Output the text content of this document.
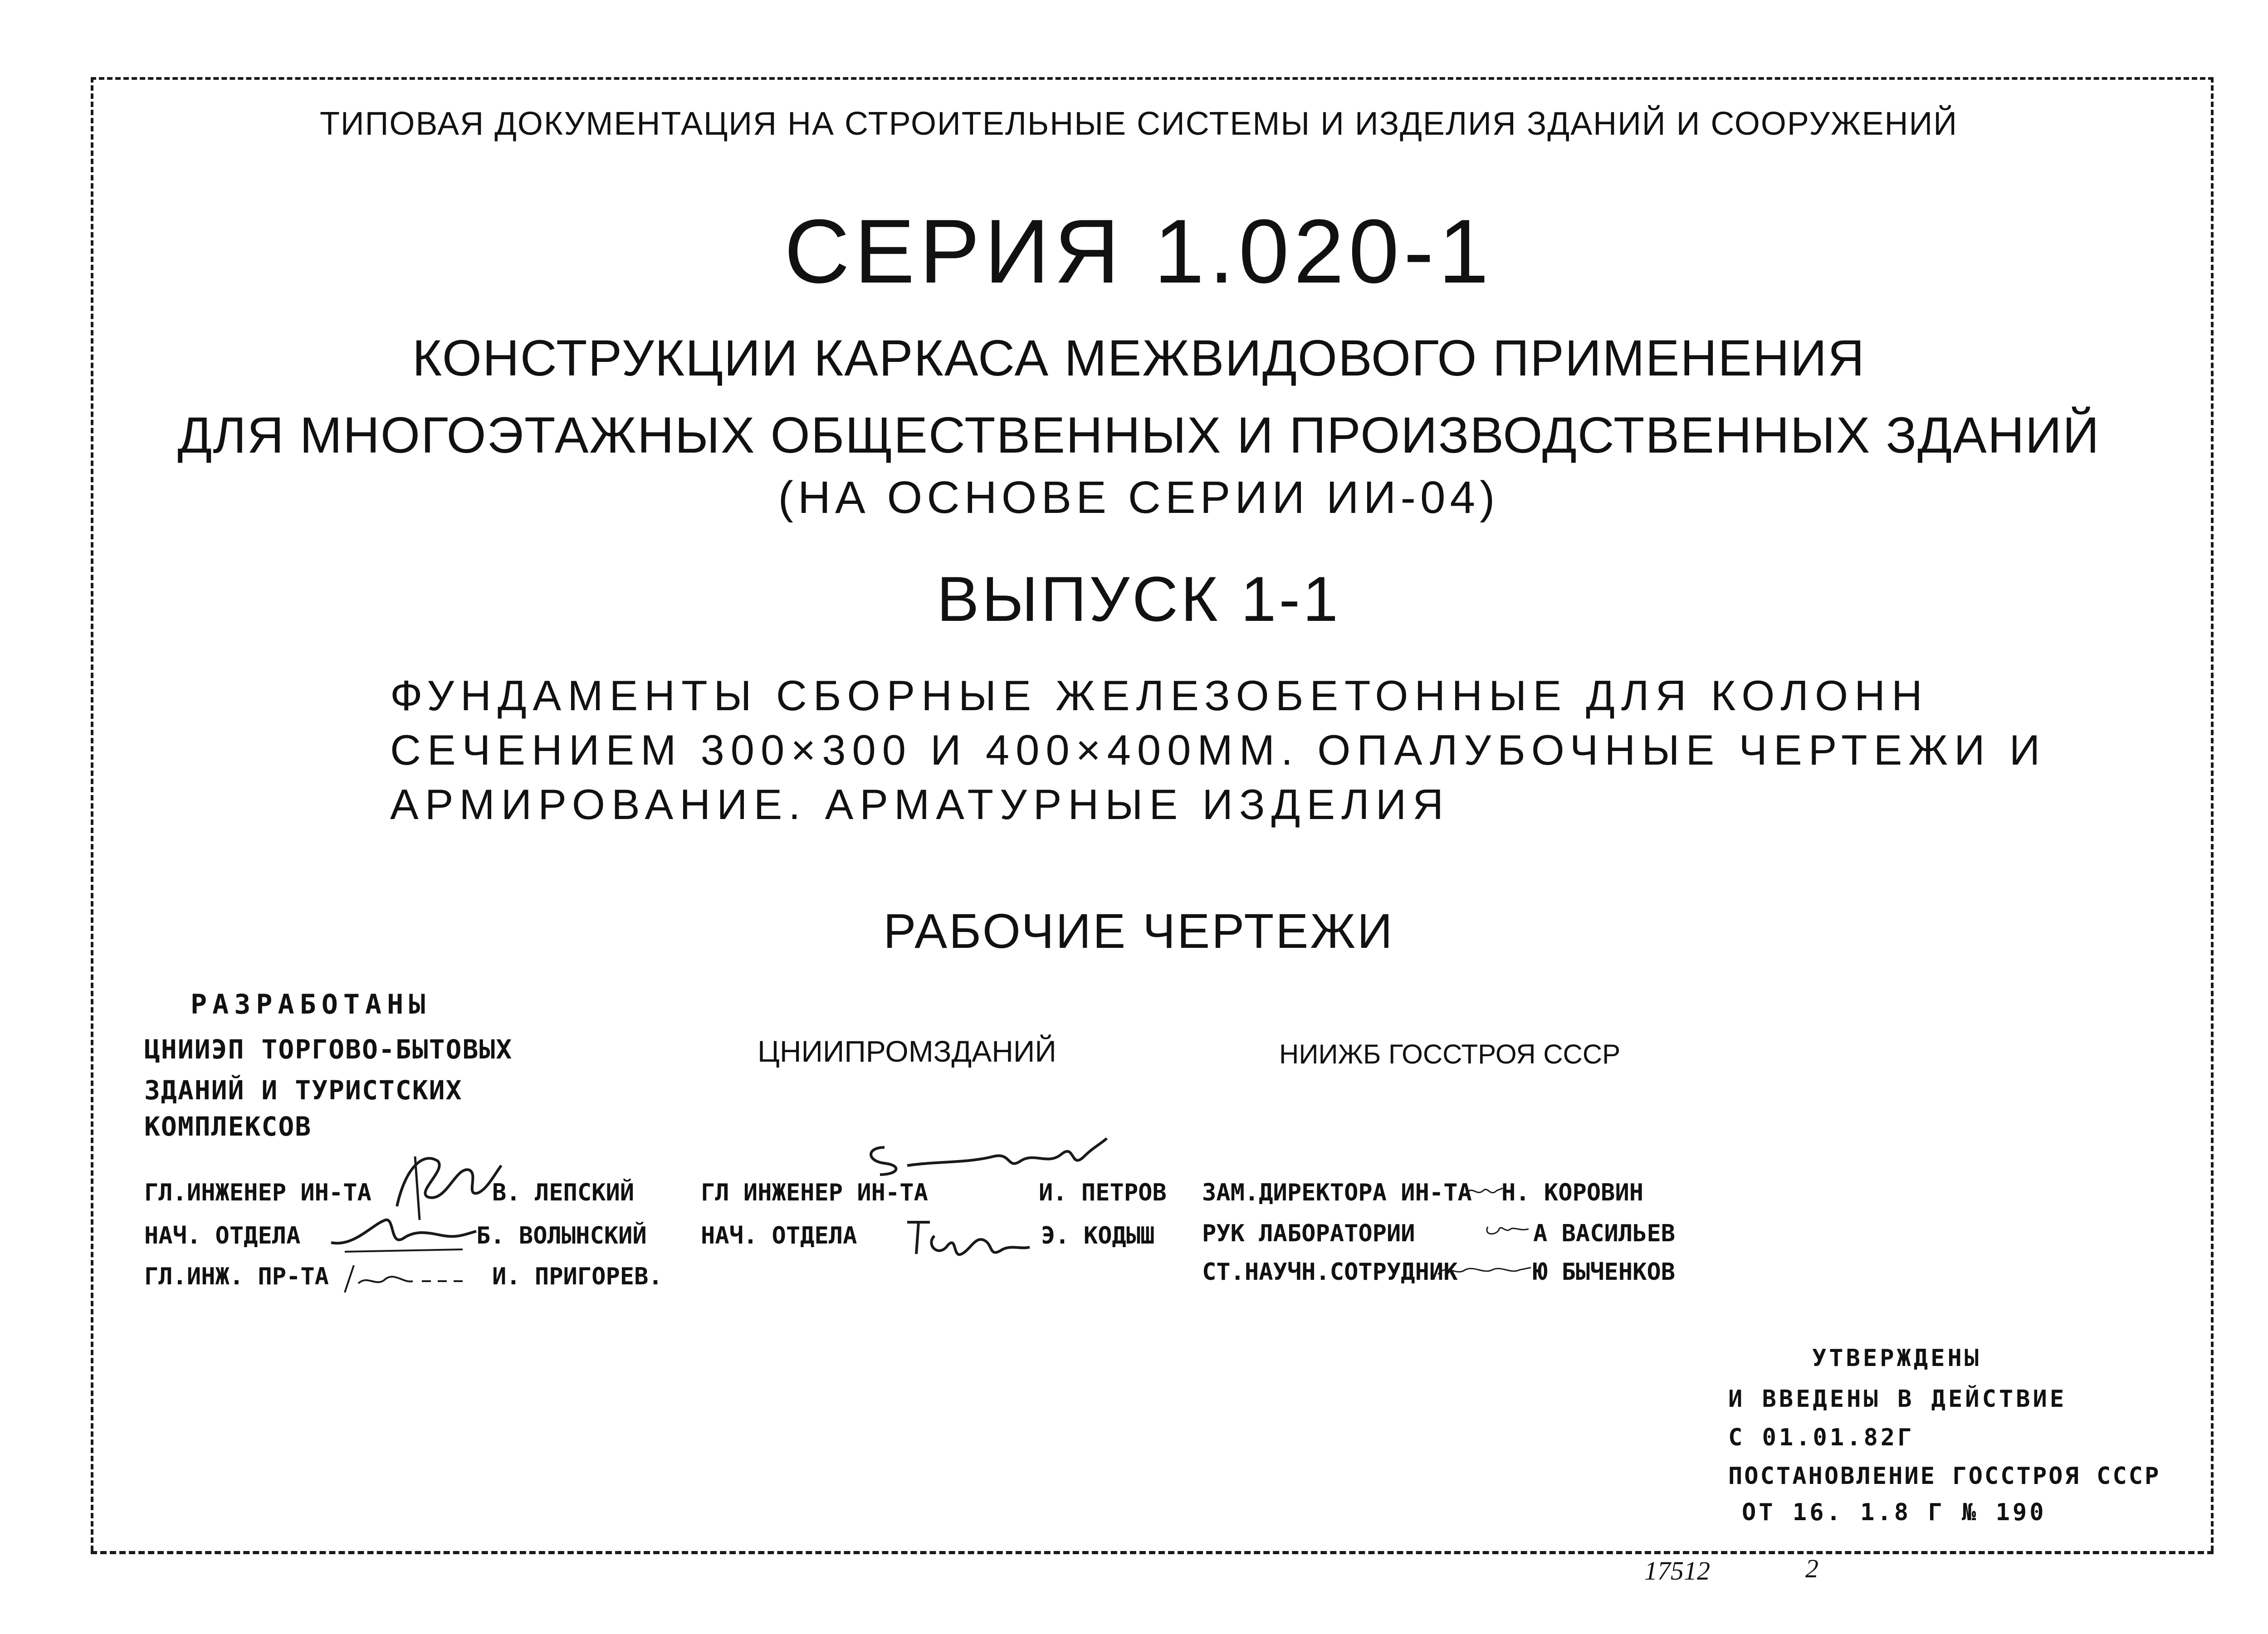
ТИПОВАЯ ДОКУМЕНТАЦИЯ НА СТРОИТЕЛЬНЫЕ СИСТЕМЫ И ИЗДЕЛИЯ ЗДАНИЙ И СООРУЖЕНИЙ
СЕРИЯ 1.020-1
КОНСТРУКЦИИ КАРКАСА МЕЖВИДОВОГО ПРИМЕНЕНИЯ
ДЛЯ МНОГОЭТАЖНЫХ ОБЩЕСТВЕННЫХ И ПРОИЗВОДСТВЕННЫХ ЗДАНИЙ
(НА ОСНОВЕ СЕРИИ ИИ-04)
ВЫПУСК 1-1
ФУНДАМЕНТЫ СБОРНЫЕ ЖЕЛЕЗОБЕТОННЫЕ ДЛЯ КОЛОНН
СЕЧЕНИЕМ 300×300 И 400×400ММ. ОПАЛУБОЧНЫЕ ЧЕРТЕЖИ И
АРМИРОВАНИЕ. АРМАТУРНЫЕ ИЗДЕЛИЯ
РАБОЧИЕ ЧЕРТЕЖИ
РАЗРАБОТАНЫ
ЦНИИЭП ТОРГОВО-БЫТОВЫХ
ЗДАНИЙ И ТУРИСТСКИХ
КОМПЛЕКСОВ
ЦНИИПРОМЗДАНИЙ	НИИЖБ ГОССТРОЯ СССР
ГЛ.ИНЖЕНЕР ИН-ТА	В. ЛЕПСКИЙ
НАЧ. ОТДЕЛА	Б. ВОЛЫНСКИЙ
ГЛ.ИНЖ. ПР-ТА	И. ПРИГОРЕВ.
ГЛ ИНЖЕНЕР ИН-ТА	И. ПЕТРОВ
НАЧ. ОТДЕЛА	Э. КОДЫШ
ЗАМ.ДИРЕКТОРА ИН-ТА Н. КОРОВИН
РУК ЛАБОРАТОРИИ	А ВАСИЛЬЕВ
СТ.НАУЧН.СОТРУДНИК	Ю БЫЧЕНКОВ
УТВЕРЖДЕНЫ
И ВВЕДЕНЫ В ДЕЙСТВИЕ
С 01.01.82Г
ПОСТАНОВЛЕНИЕ ГОССТРОЯ СССР
ОТ 16. 1.8 Г № 190
17512	2
